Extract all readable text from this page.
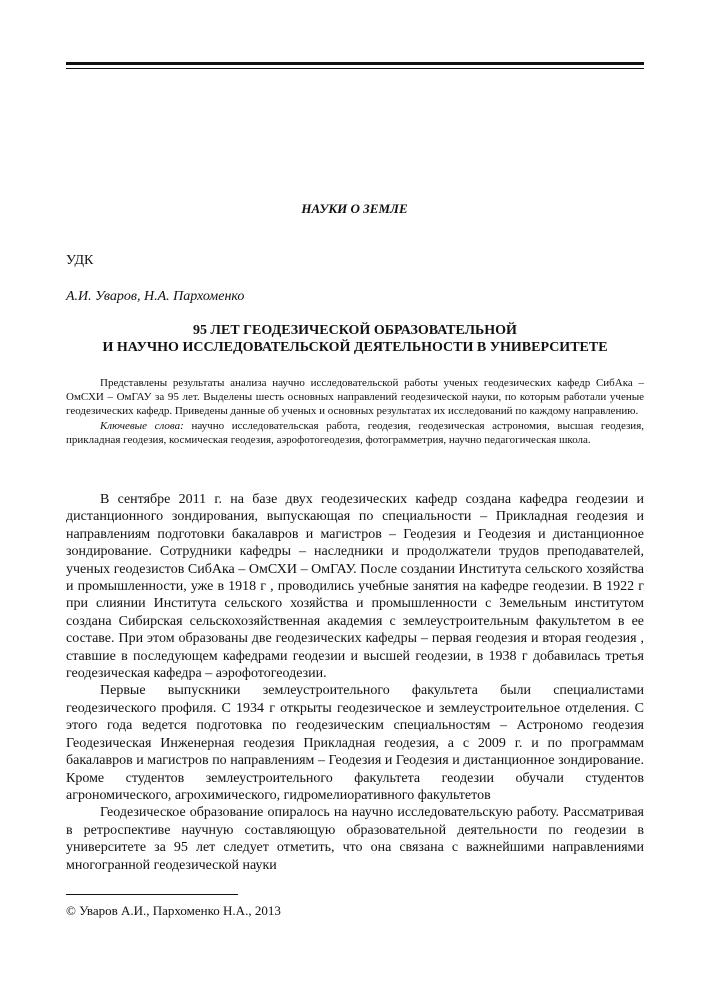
НАУКИ О ЗЕМЛЕ
УДК
А.И. Уваров, Н.А. Пархоменко
95 ЛЕТ ГЕОДЕЗИЧЕСКОЙ ОБРАЗОВАТЕЛЬНОЙ
И НАУЧНО ИССЛЕДОВАТЕЛЬСКОЙ ДЕЯТЕЛЬНОСТИ В УНИВЕРСИТЕТЕ

Представлены результаты анализа научно исследовательской работы ученых геодезических кафедр СибАка – ОмСХИ – ОмГАУ за 95 лет. Выделены шесть основных направлений геодезической науки, по которым работали ученые геодезических кафедр. Приведены данные об ученых и основных результатах их исследований по каждому направлению.

Ключевые слова: научно исследовательская работа, геодезия, геодезическая астрономия, высшая геодезия, прикладная геодезия, космическая геодезия, аэрофотогеодезия, фотограмметрия, научно педагогическая школа.

В сентябре 2011 г. на базе двух геодезических кафедр создана кафедра геодезии и дистанционного зондирования, выпускающая по специальности – Прикладная геодезия и направлениям подготовки бакалавров и магистров – Геодезия и Геодезия и дистанционное зондирование. Сотрудники кафедры – наследники и продолжатели трудов преподавателей, ученых геодезистов СибАка – ОмСХИ – ОмГАУ. После создании Института сельского хозяйства и промышленности, уже в 1918 г , проводились учебные занятия на кафедре геодезии. В 1922 г при слиянии Института сельского хозяйства и промышленности с Земельным институтом создана Сибирская сельскохозяйственная академия с землеустроительным факультетом в ее составе. При этом образованы две геодезических кафедры – первая геодезия и вторая геодезия , ставшие в последующем кафедрами геодезии и высшей геодезии, в 1938 г добавилась третья геодезическая кафедра – аэрофотогеодезии.

Первые выпускники землеустроительного факультета были специалистами геодезического профиля. С 1934 г открыты геодезическое и землеустроительное отделения. С этого года ведется подготовка по геодезическим специальностям – Астрономо геодезия Геодезическая Инженерная геодезия Прикладная геодезия, а с 2009 г. и по программам бакалавров и магистров по направлениям – Геодезия и Геодезия и дистанционное зондирование. Кроме студентов землеустроительного факультета геодезии обучали студентов агрономического, агрохимического, гидромелиоративного факультетов

Геодезическое образование опиралось на научно исследовательскую работу. Рассматривая в ретроспективе научную составляющую образовательной деятельности по геодезии в университете за 95 лет следует отметить, что она связана с важнейшими направлениями многогранной геодезической науки

© Уваров А.И., Пархоменко Н.А., 2013
